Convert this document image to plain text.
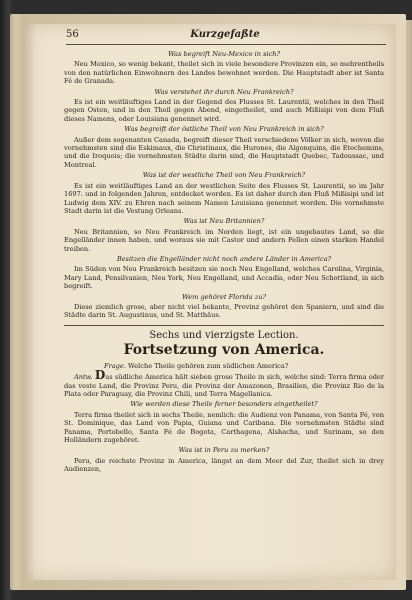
56	Kurzgefaßte
Was begreift Neu-Mexico in sich?
Neu Mexico, so wenig bekant, theilet sich in viele besondere Provinzen ein, so mehrentheils von den natürlichen Einwohnern des Landes bewohnet werden. Die Hauptstadt aber ist Santa Fé de Granada.
Was verstehet ihr durch Neu Frankreich?
Es ist ein weitläuftiges Land in der Gegend des Flusses St. Laurentii, welches in den Theil gegen Osten, und in den Theil gegen Abend, eingetheilet, und auch Mißisipi von dem Fluß dieses Namens, oder Louisiana genennet wird.
Was begreift der östliche Theil von Neu Frankreich in sich?
Außer dem sogenanten Canada, begreift dieser Theil verschiedene Völker in sich, wovon die vornehmsten sind die Eskimaux, die Christinaux, die Hurones, die Algonquins, die Etechemins, und die Iroquois; die vornehmsten Städte darin sind, die Hauptstadt Quebec, Tadoussac, und Montreal.
Was ist der westliche Theil von Neu Frankreich?
Es ist ein weitläuftiges Land an der westlichen Seite des Flusses St. Laurentii, so im Jahr 1697. und in folgenden Jahren, entdecket worden. Es ist daher durch den Fluß Mißisipi und ist Ludwig dem XIV. zu Ehren nach seinem Namen Louisiana genennet worden. Die vornehmste Stadt darin ist die Vestung Orleans.
Was ist Neu Britannien?
Neu Britannien, so Neu Frankreich im Norden liegt, ist ein ungebautes Land, so die Engelländer innen haben, und woraus sie mit Castor und andern Fellen einen starken Handel treiben.
Besitzen die Engelländer nicht noch andere Länder in America?
Im Süden von Neu Frankreich besitzen sie noch Neu Engelland, welches Carolina, Virginia, Mary Land, Pensilvanien, Neu York, Neu Engelland, und Accadia, oder Neu Schottland, in sich begreift.
Wem gehöret Florida zu?
Diese ziemlich grose, aber nicht viel bekante, Provinz gehöret den Spaniern, und sind die Städte darin St. Augustinus, und St. Matthäus.
Sechs und vierzigste Lection.
Fortsetzung von America.
Frage. Welche Theile gehören zum südlichen America?
Antw. Das südliche America hält sieben grose Theile in sich, welche sind: Terra firma oder das veste Land, die Provinz Peru, die Provinz der Amazonen, Brasilien, die Provinz Rio de la Plata oder Paraguay, die Provinz Chili, und Terra Magellanica.
Wie werden diese Theile ferner besonders eingetheilet?
Terra firma theilet sich in sechs Theile, nemlich: die Audienz von Panama, von Santa Fé, von St. Dominique, das Land von Papia, Guiana und Caribana. Die vornehmsten Städte sind Panama, Portobello, Santa Fé de Bogota, Carthagena, Alshacha, und Surinam, so den Holländern zugehöret.
Was ist in Peru zu merken?
Peru, die reichste Provinz in America, längst an dem Meer del Zur, theilet sich in drey Audienzen,
